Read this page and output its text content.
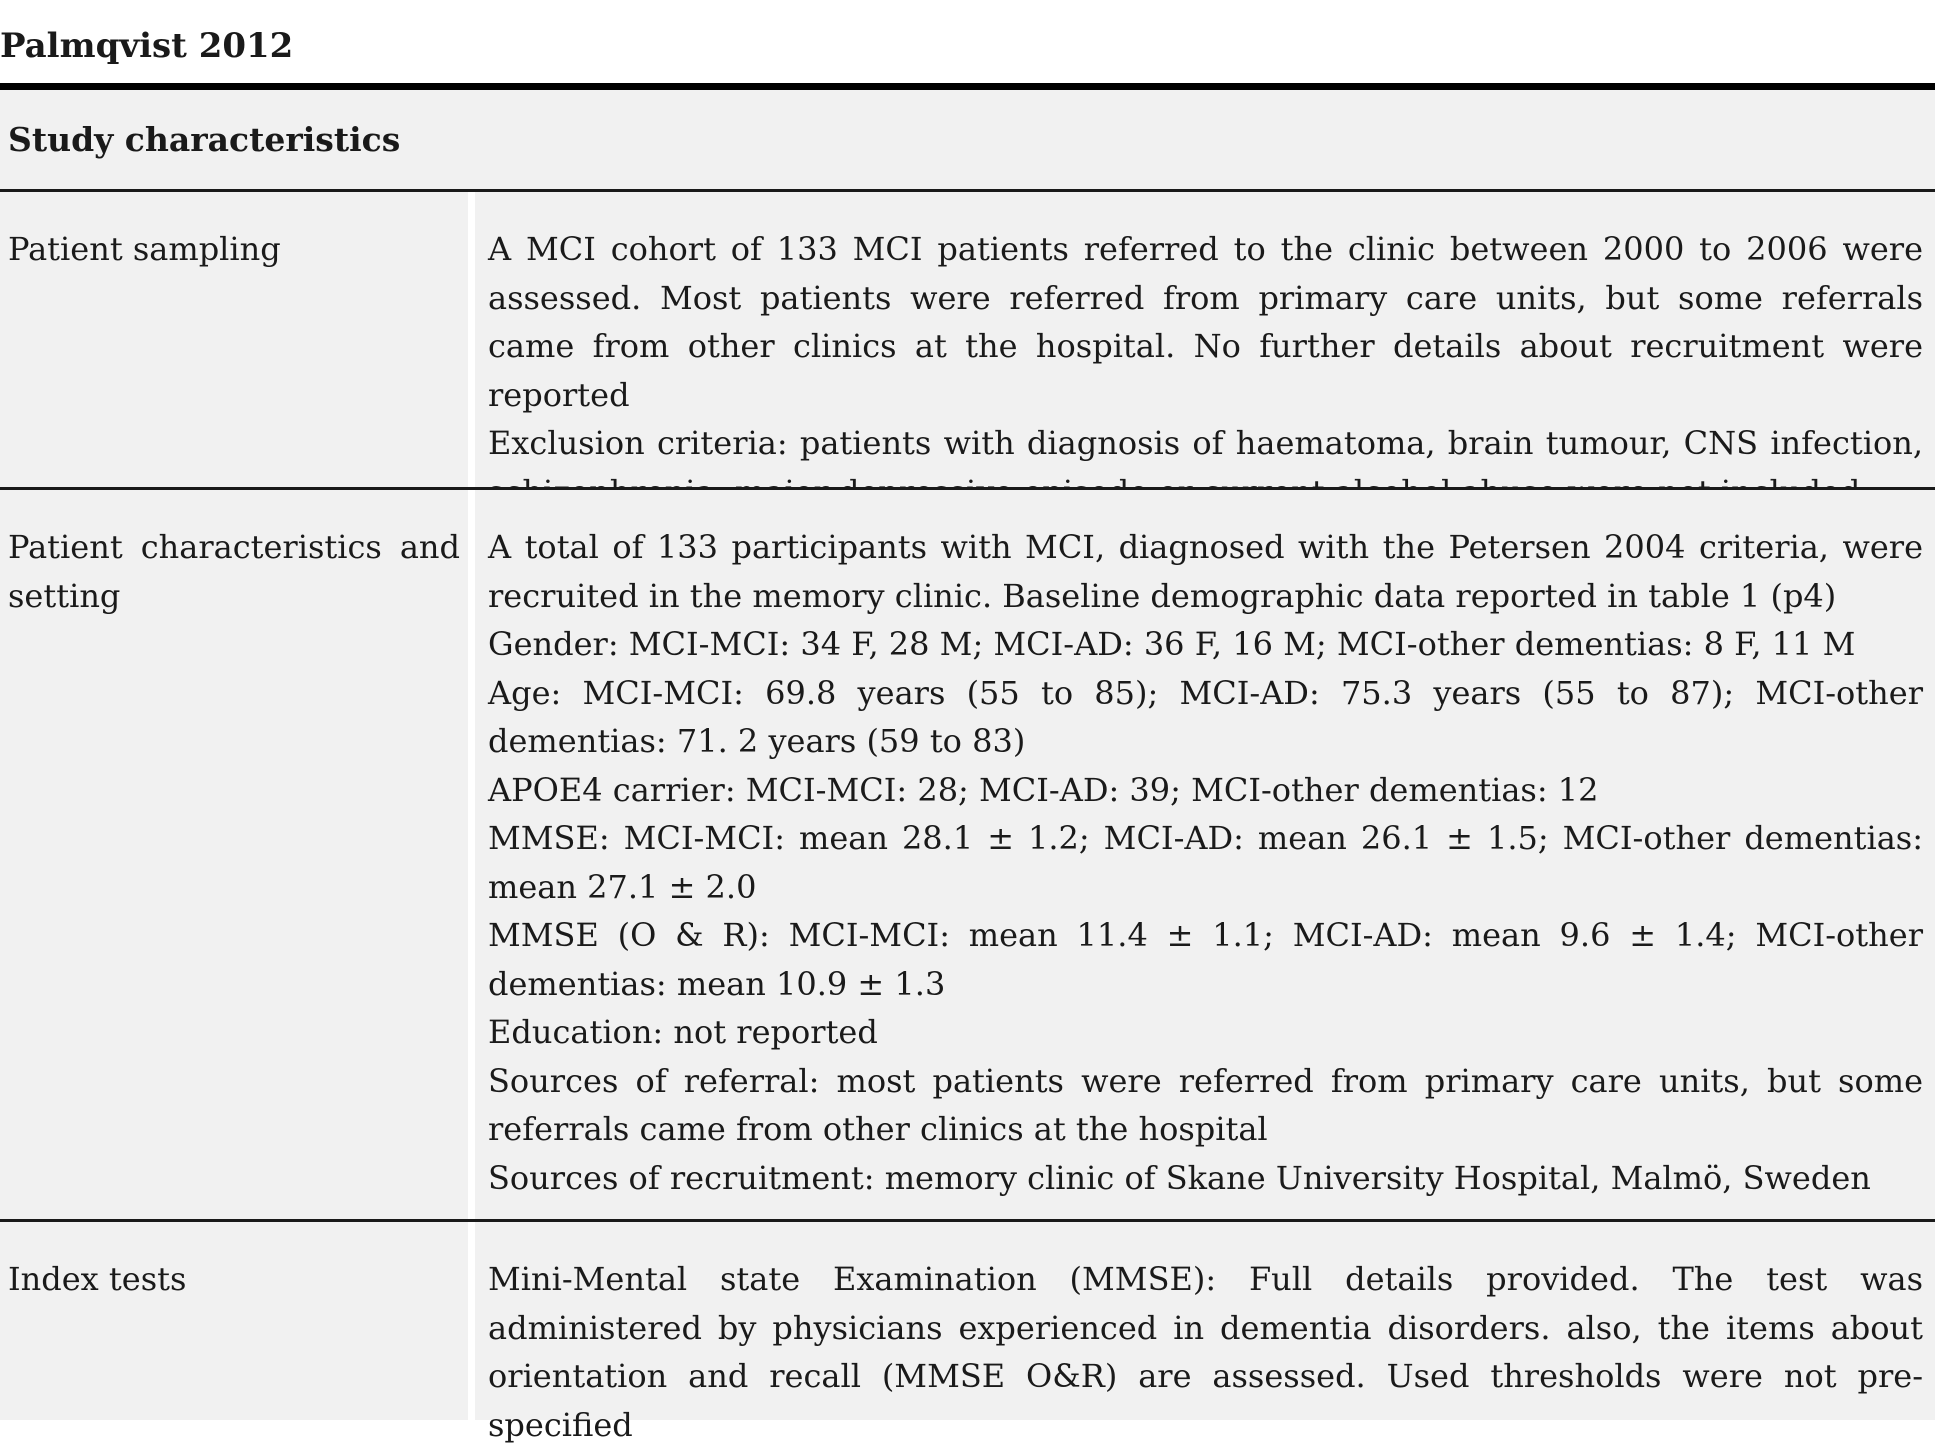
Palmqvist 2012
Study characteristics
Patient sampling	A MCI cohort of 133 MCI patients referred to the clinic between 2000 to 2006 were assessed. Most patients were referred from primary care units, but some referrals came from other clinics at the hospital. No further details about recruitment were reported

Exclusion criteria: patients with diagnosis of haematoma, brain tumour, CNS infection,

Patient characteristics and setting

A total of 133 participants with MCI, diagnosed with the Petersen 2004 criteria, were recruited in the memory clinic. Baseline demographic data reported in table 1 (p4)

Gender: MCI-MCI: 34 F, 28 M; MCI-AD: 36 F, 16 M; MCI-other dementias: 8 F, 11 M

Age: MCI-MCI: 69.8 years (55 to 85); MCI-AD: 75.3 years (55 to 87); MCI-other dementias: 71. 2 years (59 to 83)

APOE4 carrier: MCI-MCI: 28; MCI-AD: 39; MCI-other dementias: 12

MMSE: MCI-MCI: mean 28.1 ± 1.2; MCI-AD: mean 26.1 ± 1.5; MCI-other dementias: mean 27.1 ± 2.0

MMSE (O & R): MCI-MCI: mean 11.4 ± 1.1; MCI-AD: mean 9.6 ± 1.4; MCI-other dementias: mean 10.9 ± 1.3

Education: not reported

Sources of referral: most patients were referred from primary care units, but some referrals came from other clinics at the hospital

Sources of recruitment: memory clinic of Skane University Hospital, Malmö, Sweden

Index tests	Mini-Mental state Examination (MMSE): Full details provided. The test was administered by physicians experienced in dementia disorders. also, the items about orientation and recall (MMSE O&R) are assessed. Used thresholds were not pre-specified
